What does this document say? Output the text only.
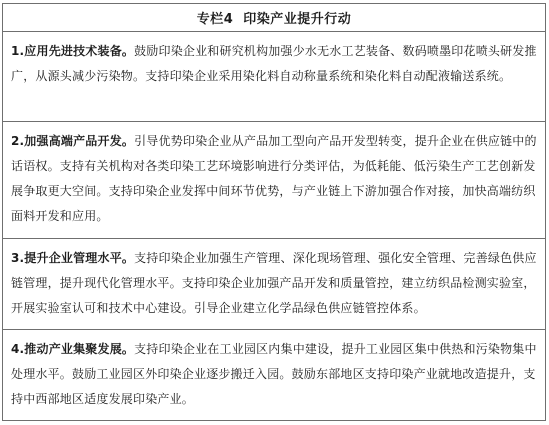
专栏4 印染产业提升行动
1.应用先进技术装备。鼓励印染企业和研究机构加强少水无水工艺装备、数码喷墨印花喷头研发推广，从源头减少污染物。支持印染企业采用染化料自动称量系统和染化料自动配液输送系统。
2.加强高端产品开发。引导优势印染企业从产品加工型向产品开发型转变，提升企业在供应链中的话语权。支持有关机构对各类印染工艺环境影响进行分类评估，为低耗能、低污染生产工艺创新发展争取更大空间。支持印染企业发挥中间环节优势，与产业链上下游加强合作对接，加快高端纺织面料开发和应用。
3.提升企业管理水平。支持印染企业加强生产管理、深化现场管理、强化安全管理、完善绿色供应链管理，提升现代化管理水平。支持印染企业加强产品开发和质量管控，建立纺织品检测实验室，开展实验室认可和技术中心建设。引导企业建立化学品绿色供应链管控体系。
4.推动产业集聚发展。支持印染企业在工业园区内集中建设，提升工业园区集中供热和污染物集中处理水平。鼓励工业园区外印染企业逐步搬迁入园。鼓励东部地区支持印染产业就地改造提升，支持中西部地区适度发展印染产业。
